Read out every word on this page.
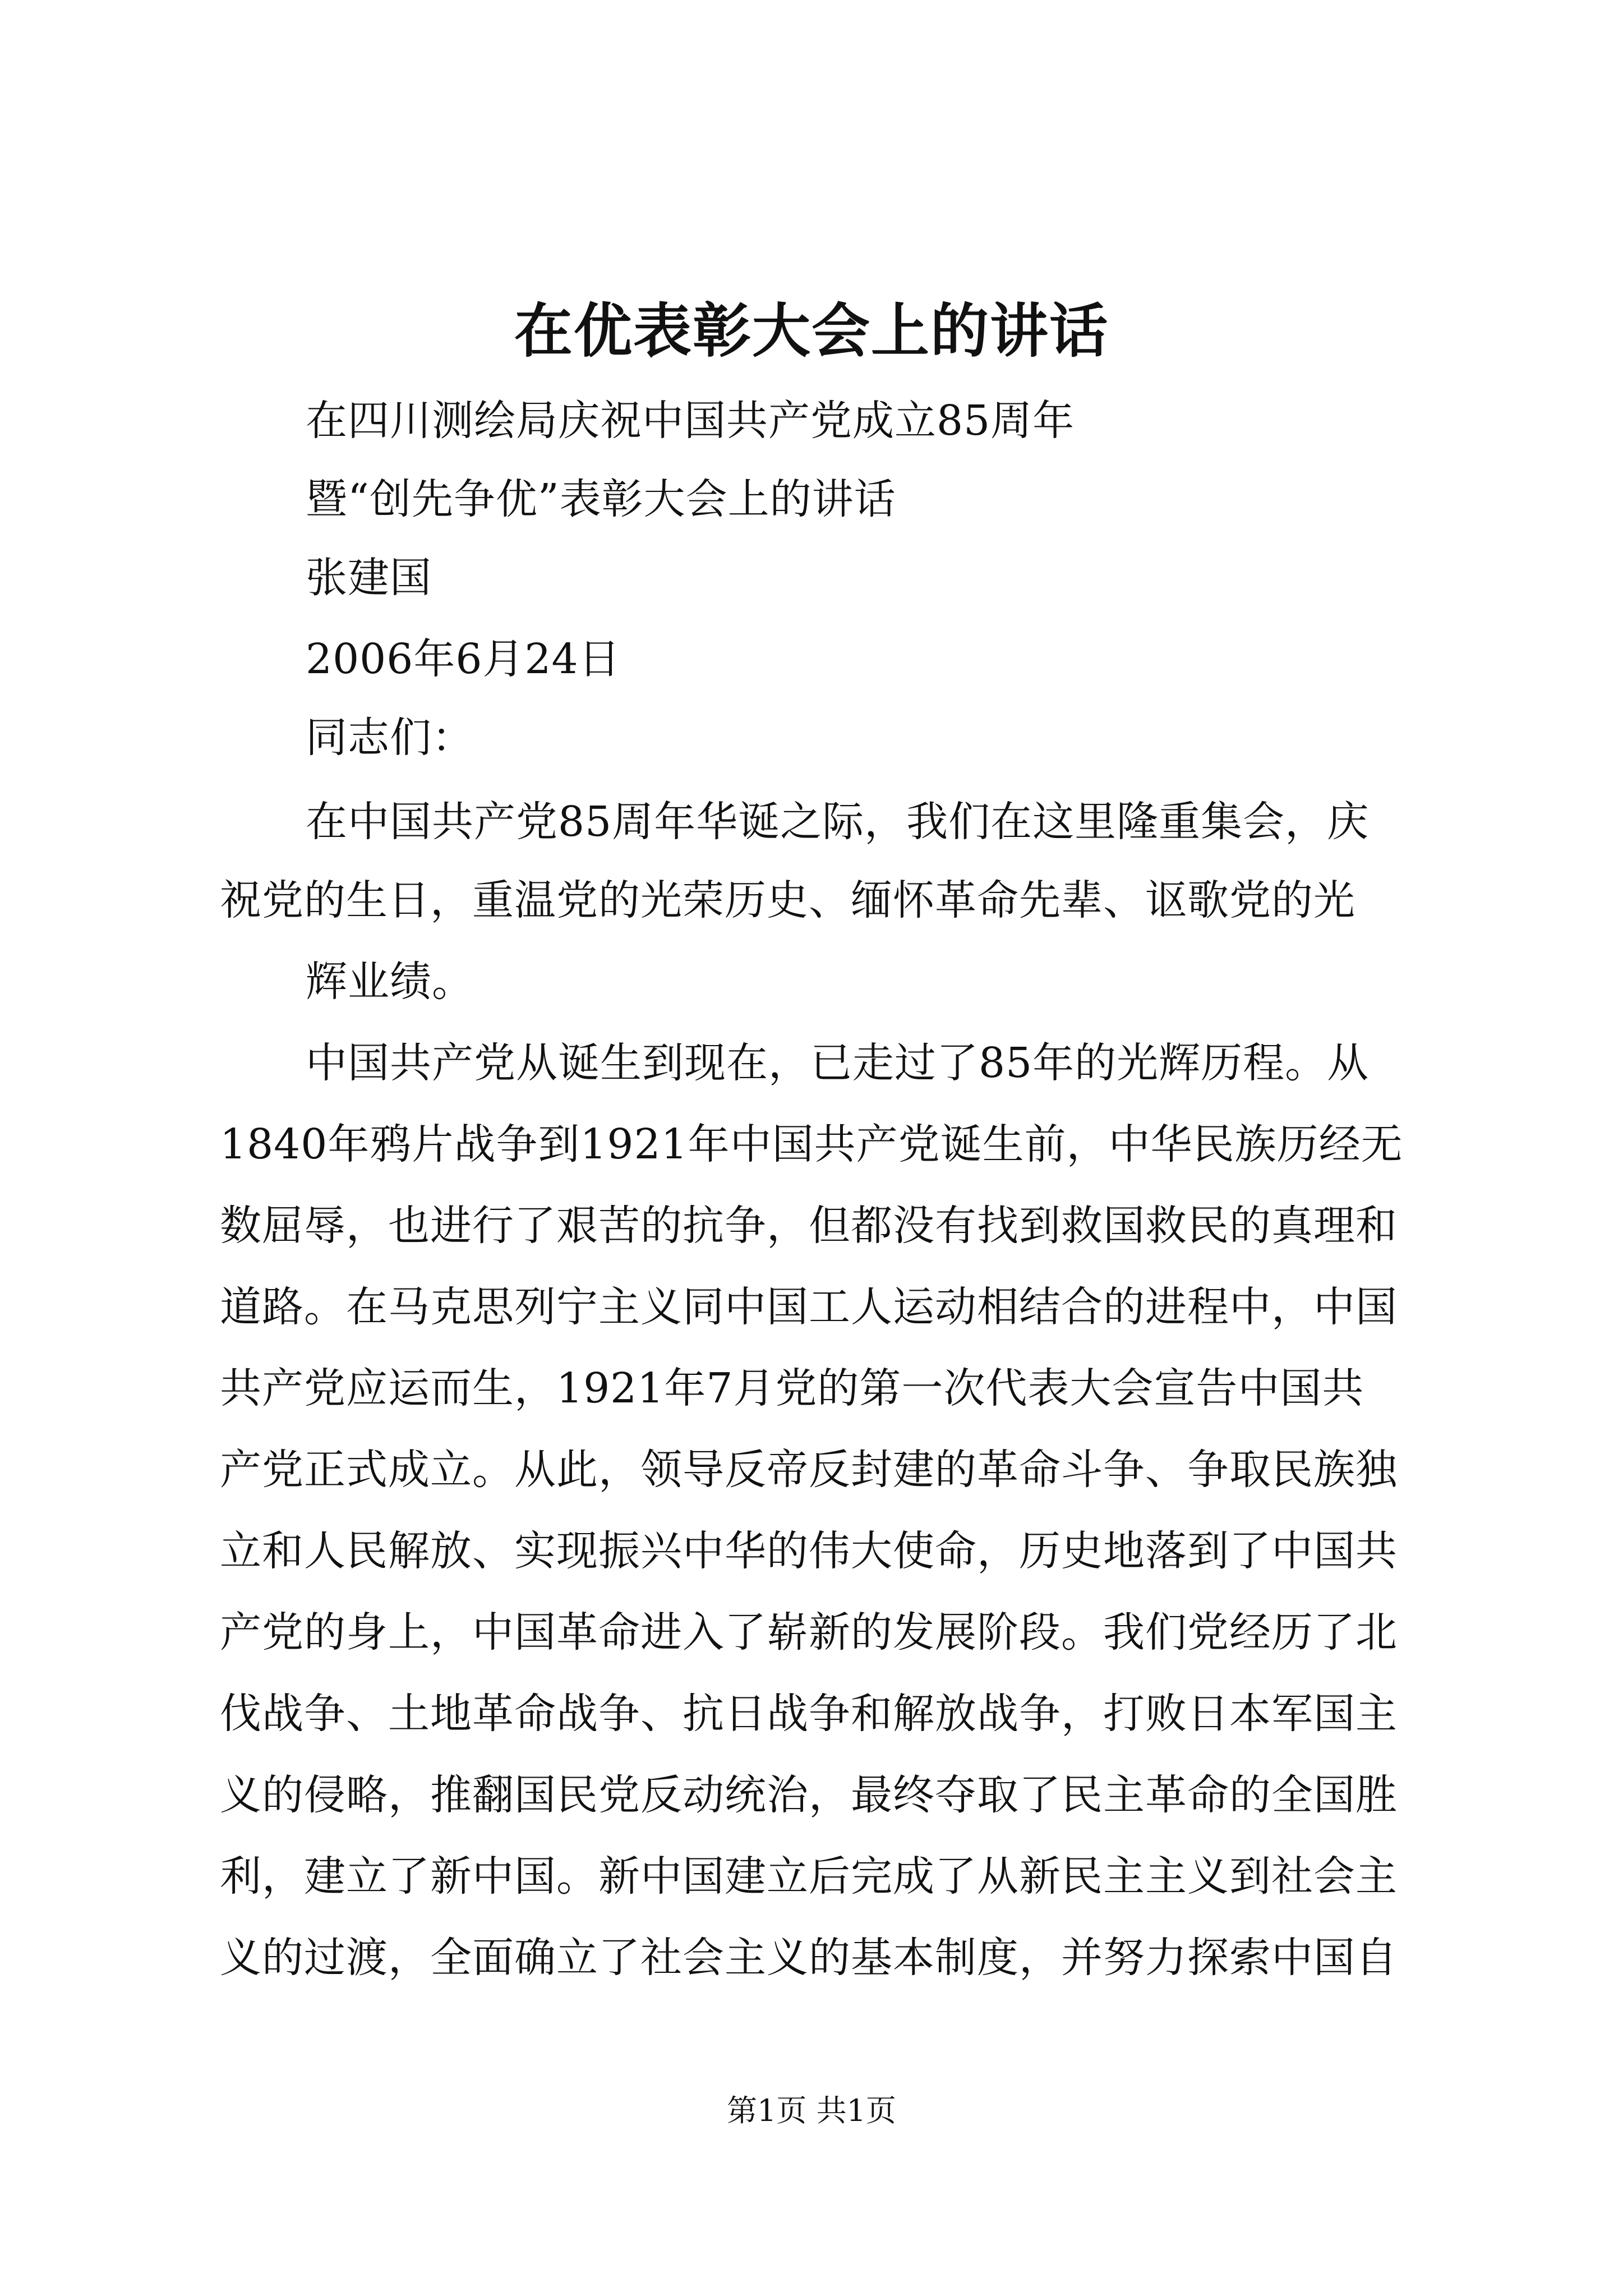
在优表彰大会上的讲话
在四川测绘局庆祝中国共产党成立85周年
暨“创先争优”表彰大会上的讲话
张建国
2006年6月24日
同志们：
在中国共产党85周年华诞之际，我们在这里隆重集会，庆
祝党的生日，重温党的光荣历史、缅怀革命先辈、讴歌党的光
辉业绩。
中国共产党从诞生到现在，已走过了85年的光辉历程。从
1840年鸦片战争到1921年中国共产党诞生前，中华民族历经无
数屈辱，也进行了艰苦的抗争，但都没有找到救国救民的真理和
道路。在马克思列宁主义同中国工人运动相结合的进程中，中国
共产党应运而生，1921年7月党的第一次代表大会宣告中国共
产党正式成立。从此，领导反帝反封建的革命斗争、争取民族独
立和人民解放、实现振兴中华的伟大使命，历史地落到了中国共
产党的身上，中国革命进入了崭新的发展阶段。我们党经历了北
伐战争、土地革命战争、抗日战争和解放战争，打败日本军国主
义的侵略，推翻国民党反动统治，最终夺取了民主革命的全国胜
利，建立了新中国。新中国建立后完成了从新民主主义到社会主
义的过渡，全面确立了社会主义的基本制度，并努力探索中国自
第1页 共1页
